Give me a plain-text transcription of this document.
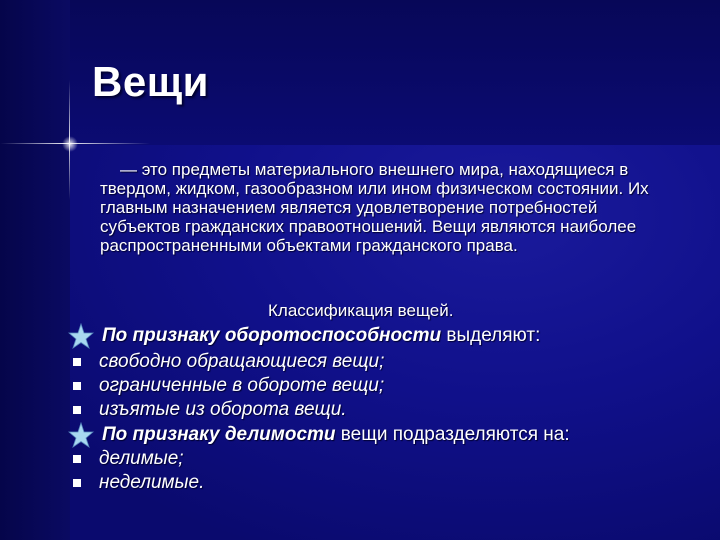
Вещи
— это предметы материального внешнего мира, находящиеся в твердом, жидком, газообразном или ином физическом состоянии. Их главным назначением является удовлетворение потребностей субъектов гражданских правоотношений. Вещи являются наиболее распространенными объектами гражданского права.
Классификация вещей.
По признаку оборотоспособности выделяют:
свободно обращающиеся вещи;
ограниченные в обороте вещи;
изъятые из оборота вещи.
По признаку делимости вещи подразделяются на:
делимые;
неделимые.
